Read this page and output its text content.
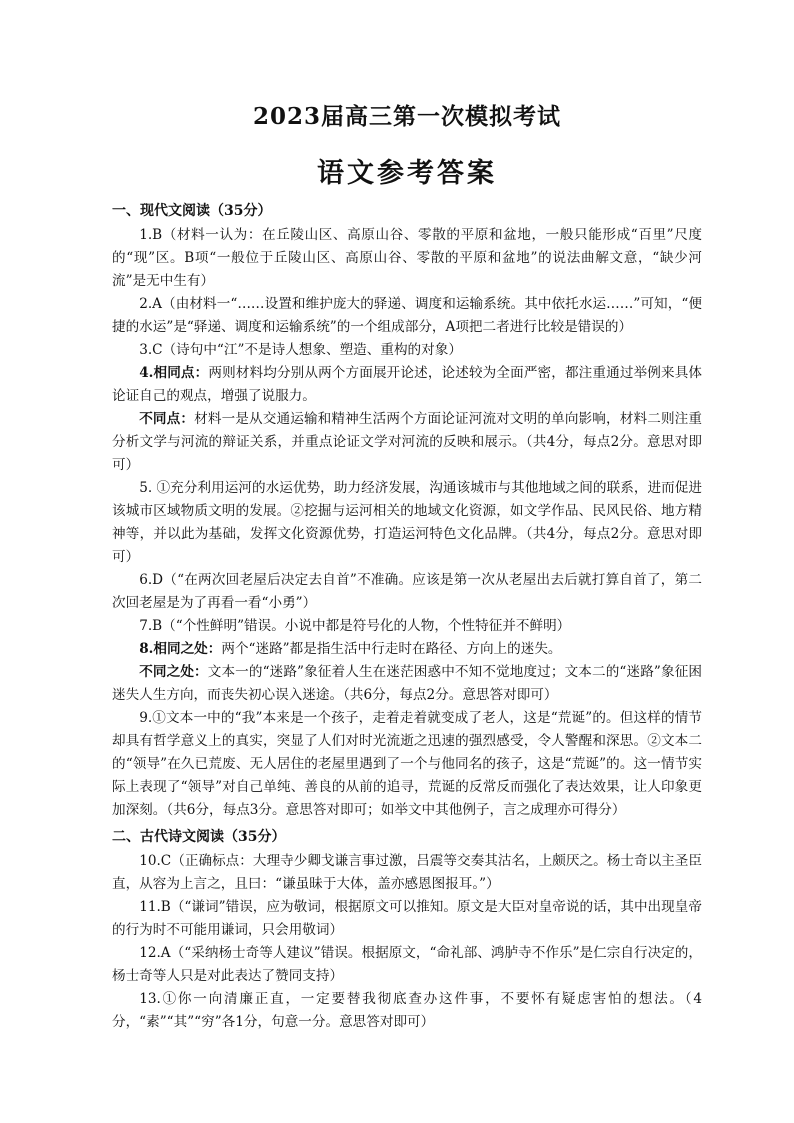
2023届高三第一次模拟考试
语文参考答案
一、现代文阅读（35分）

1.B（材料一认为：在丘陵山区、高原山谷、零散的平原和盆地，一般只能形成“百里”尺度的“现”区。B项“一般位于丘陵山区、高原山谷、零散的平原和盆地”的说法曲解文意，“缺少河流”是无中生有）

2.A（由材料一“……设置和维护庞大的驿递、调度和运输系统。其中依托水运……”可知，“便捷的水运”是“驿递、调度和运输系统”的一个组成部分，A项把二者进行比较是错误的）

3.C（诗句中“江”不是诗人想象、塑造、重构的对象）

4.相同点：两则材料均分别从两个方面展开论述，论述较为全面严密，都注重通过举例来具体论证自己的观点，增强了说服力。

不同点：材料一是从交通运输和精神生活两个方面论证河流对文明的单向影响，材料二则注重分析文学与河流的辩证关系，并重点论证文学对河流的反映和展示。（共4分，每点2分。意思对即可）

5. ①充分利用运河的水运优势，助力经济发展，沟通该城市与其他地域之间的联系，进而促进该城市区域物质文明的发展。②挖掘与运河相关的地域文化资源，如文学作品、民风民俗、地方精神等，并以此为基础，发挥文化资源优势，打造运河特色文化品牌。（共4分，每点2分。意思对即可）

6.D（“在两次回老屋后决定去自首”不准确。应该是第一次从老屋出去后就打算自首了，第二次回老屋是为了再看一看“小勇”）

7.B（“个性鲜明”错误。小说中都是符号化的人物，个性特征并不鲜明）

8.相同之处：两个“迷路”都是指生活中行走时在路径、方向上的迷失。

不同之处：文本一的“迷路”象征着人生在迷茫困惑中不知不觉地度过；文本二的“迷路”象征困迷失人生方向，而丧失初心误入迷途。（共6分，每点2分。意思答对即可）

9.①文本一中的“我”本来是一个孩子，走着走着就变成了老人，这是“荒诞”的。但这样的情节却具有哲学意义上的真实，突显了人们对时光流逝之迅速的强烈感受，令人警醒和深思。②文本二的“领导”在久已荒废、无人居住的老屋里遇到了一个与他同名的孩子，这是“荒诞”的。这一情节实际上表现了“领导”对自己单纯、善良的从前的追寻，荒诞的反常反而强化了表达效果，让人印象更加深刻。（共6分，每点3分。意思答对即可；如举文中其他例子，言之成理亦可得分）

二、古代诗文阅读（35分）

10.C（正确标点：大理寺少卿戈谦言事过激，吕震等交奏其沽名，上颇厌之。杨士奇以主圣臣直，从容为上言之，且曰：“谦虽昧于大体，盖亦感恩图报耳。”）

11.B（“谦词”错误，应为敬词，根据原文可以推知。原文是大臣对皇帝说的话，其中出现皇帝的行为时不可能用谦词，只会用敬词）

12.A（“采纳杨士奇等人建议”错误。根据原文，“命礼部、鸿胪寺不作乐”是仁宗自行决定的，杨士奇等人只是对此表达了赞同支持）

13.①你一向清廉正直，一定要替我彻底查办这件事，不要怀有疑虑害怕的想法。（4分，“素”“其”“穷”各1分，句意一分。意思答对即可）
